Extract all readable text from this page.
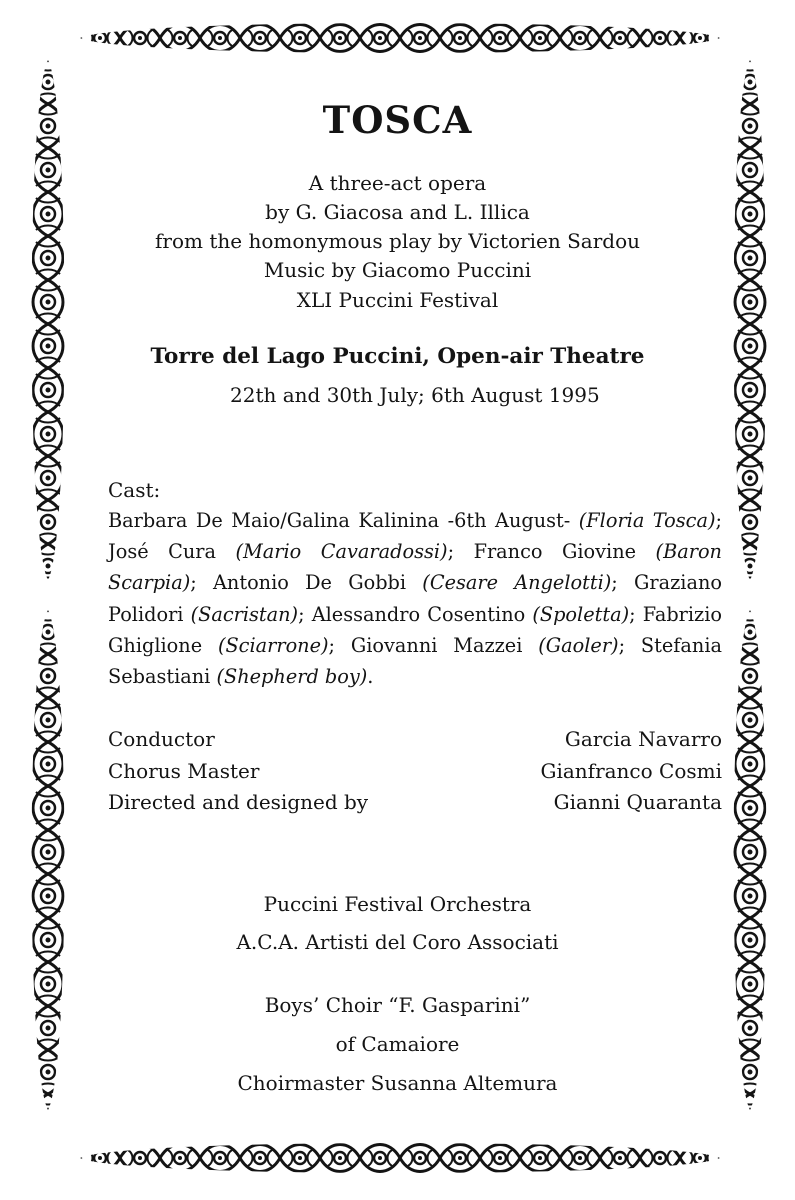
TOSCA
A three-act opera
by G. Giacosa and L. Illica
from the homonymous play by Victorien Sardou
Music by Giacomo Puccini
XLI Puccini Festival
Torre del Lago Puccini, Open-air Theatre
22th and 30th July; 6th August 1995
Cast:
Barbara De Maio/Galina Kalinina -6th August- (Floria Tosca); José Cura (Mario Cavaradossi); Franco Giovine (Baron Scarpia); Antonio De Gobbi (Cesare Angelotti); Graziano Polidori (Sacristan); Alessandro Cosentino (Spoletta); Fabrizio Ghiglione (Sciarrone); Giovanni Mazzei (Gaoler); Stefania Sebastiani (Shepherd boy).
Conductor	Garcia Navarro
Chorus Master	Gianfranco Cosmi
Directed and designed by	Gianni Quaranta
Puccini Festival Orchestra
A.C.A. Artisti del Coro Associati
Boys’ Choir “F. Gasparini”
of Camaiore
Choirmaster Susanna Altemura
